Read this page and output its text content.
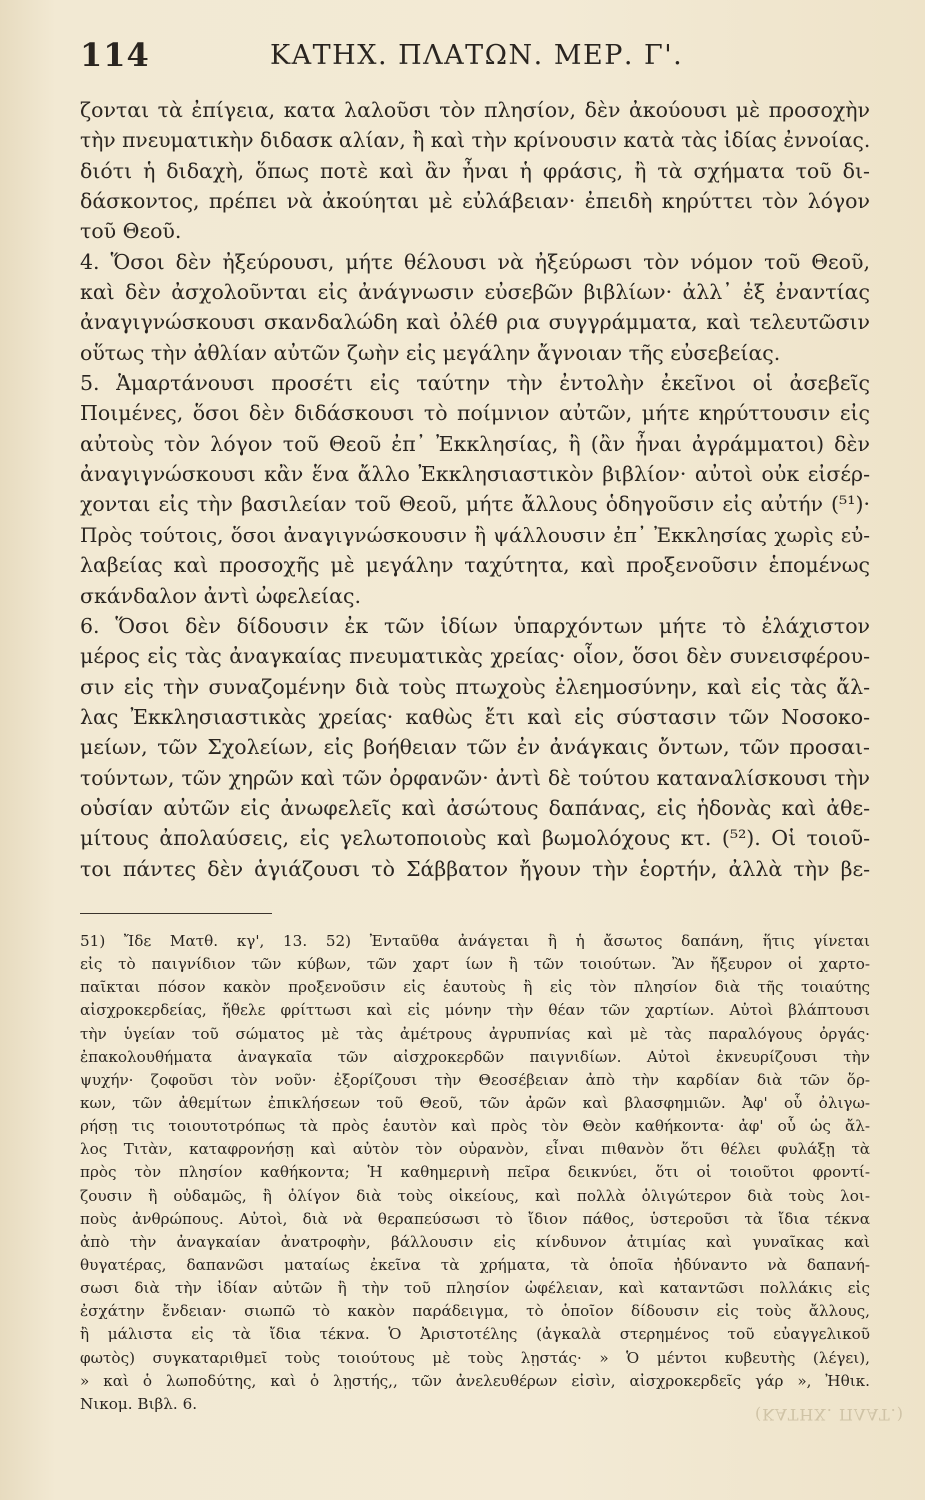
114	ΚΑΤΗΧ. ΠΛΑΤΩΝ. ΜΕΡ. Γ'.
ζονται τὰ ἐπίγεια, κατα λαλοῦσι τὸν πλησίον, δὲν ἀκούουσι μὲ προσοχὴν
τὴν πνευματικὴν διδασκ αλίαν, ἢ καὶ τὴν κρίνουσιν κατὰ τὰς ἰδίας ἐννοίας.
διότι ἡ διδαχὴ, ὅπως ποτὲ καὶ ἂν ἦναι ἡ φράσις, ἢ τὰ σχήματα τοῦ δι-
δάσκοντος, πρέπει νὰ ἀκούηται μὲ εὐλάβειαν· ἐπειδὴ κηρύττει τὸν λόγον
τοῦ Θεοῦ.
4. Ὅσοι δὲν ἠξεύρουσι, μήτε θέλουσι νὰ ἠξεύρωσι τὸν νόμον τοῦ Θεοῦ,
καὶ δὲν ἀσχολοῦνται εἰς ἀνάγνωσιν εὐσεβῶν βιβλίων· ἀλλ᾽ ἐξ ἐναντίας
ἀναγιγνώσκουσι σκανδαλώδη καὶ ὀλέθ ρια συγγράμματα, καὶ τελευτῶσιν
οὕτως τὴν ἀθλίαν αὐτῶν ζωὴν εἰς μεγάλην ἄγνοιαν τῆς εὐσεβείας.
5. Ἁμαρτάνουσι προσέτι εἰς ταύτην τὴν ἐντολὴν ἐκεῖνοι οἱ ἀσεβεῖς
Ποιμένες, ὅσοι δὲν διδάσκουσι τὸ ποίμνιον αὐτῶν, μήτε κηρύττουσιν εἰς
αὐτοὺς τὸν λόγον τοῦ Θεοῦ ἐπ᾽ Ἐκκλησίας, ἢ (ἂν ἦναι ἀγράμματοι) δὲν
ἀναγιγνώσκουσι κἂν ἕνα ἄλλο Ἐκκλησιαστικὸν βιβλίον· αὐτοὶ οὐκ εἰσέρ-
χονται εἰς τὴν βασιλείαν τοῦ Θεοῦ, μήτε ἄλλους ὁδηγοῦσιν εἰς αὐτήν (⁵¹)·
Πρὸς τούτοις, ὅσοι ἀναγιγνώσκουσιν ἢ ψάλλουσιν ἐπ᾽ Ἐκκλησίας χωρὶς εὐ-
λαβείας καὶ προσοχῆς μὲ μεγάλην ταχύτητα, καὶ προξενοῦσιν ἑπομένως
σκάνδαλον ἀντὶ ὠφελείας.
6. Ὅσοι δὲν δίδουσιν ἐκ τῶν ἰδίων ὑπαρχόντων μήτε τὸ ἐλάχιστον
μέρος εἰς τὰς ἀναγκαίας πνευματικὰς χρείας· οἷον, ὅσοι δὲν συνεισφέρου-
σιν εἰς τὴν συναζομένην διὰ τοὺς πτωχοὺς ἐλεημοσύνην, καὶ εἰς τὰς ἄλ-
λας Ἐκκλησιαστικὰς χρείας· καθὼς ἔτι καὶ εἰς σύστασιν τῶν Νοσοκο-
μείων, τῶν Σχολείων, εἰς βοήθειαν τῶν ἐν ἀνάγκαις ὄντων, τῶν προσαι-
τούντων, τῶν χηρῶν καὶ τῶν ὀρφανῶν· ἀντὶ δὲ τούτου καταναλίσκουσι τὴν
οὐσίαν αὐτῶν εἰς ἀνωφελεῖς καὶ ἀσώτους δαπάνας, εἰς ἡδονὰς καὶ ἀθε-
μίτους ἀπολαύσεις, εἰς γελωτοποιοὺς καὶ βωμολόχους κτ. (⁵²). Οἱ τοιοῦ-
τοι πάντες δὲν ἁγιάζουσι τὸ Σάββατον ἤγουν τὴν ἑορτήν, ἀλλὰ τὴν βε-
51) Ἴδε Ματθ. κγ', 13. 52) Ἐνταῦθα ἀνάγεται ἢ ἡ ἄσωτος δαπάνη, ἥτις γίνεται
εἰς τὸ παιγνίδιον τῶν κύβων, τῶν χαρτ ίων ἢ τῶν τοιούτων. Ἂν ἤξευρον οἱ χαρτο-
παῖκται πόσον κακὸν προξενοῦσιν εἰς ἑαυτοὺς ἢ εἰς τὸν πλησίον διὰ τῆς τοιαύτης
αἰσχροκερδείας, ἤθελε φρίττωσι καὶ εἰς μόνην τὴν θέαν τῶν χαρτίων. Αὐτοὶ βλάπτουσι
τὴν ὑγείαν τοῦ σώματος μὲ τὰς ἀμέτρους ἀγρυπνίας καὶ μὲ τὰς παραλόγους ὀργάς·
ἐπακολουθήματα ἀναγκαῖα τῶν αἰσχροκερδῶν παιγνιδίων. Αὐτοὶ ἐκνευρίζουσι τὴν
ψυχήν· ζοφοῦσι τὸν νοῦν· ἐξορίζουσι τὴν Θεοσέβειαν ἀπὸ τὴν καρδίαν διὰ τῶν ὅρ-
κων, τῶν ἀθεμίτων ἐπικλήσεων τοῦ Θεοῦ, τῶν ἀρῶν καὶ βλασφημιῶν. Ἀφ' οὗ ὀλιγω-
ρήσῃ τις τοιουτοτρόπως τὰ πρὸς ἑαυτὸν καὶ πρὸς τὸν Θεὸν καθήκοντα· ἀφ' οὗ ὡς ἄλ-
λος Τιτὰν, καταφρονήσῃ καὶ αὐτὸν τὸν οὐρανὸν, εἶναι πιθανὸν ὅτι θέλει φυλάξῃ τὰ
πρὸς τὸν πλησίον καθήκοντα; Ἡ καθημερινὴ πεῖρα δεικνύει, ὅτι οἱ τοιοῦτοι φροντί-
ζουσιν ἢ οὐδαμῶς, ἢ ὀλίγον διὰ τοὺς οἰκείους, καὶ πολλὰ ὀλιγώτερον διὰ τοὺς λοι-
ποὺς ἀνθρώπους. Αὐτοὶ, διὰ νὰ θεραπεύσωσι τὸ ἴδιον πάθος, ὑστεροῦσι τὰ ἴδια τέκνα
ἀπὸ τὴν ἀναγκαίαν ἀνατροφὴν, βάλλουσιν εἰς κίνδυνον ἀτιμίας καὶ γυναῖκας καὶ
θυγατέρας, δαπανῶσι ματαίως ἐκεῖνα τὰ χρήματα, τὰ ὁποῖα ἠδύναντο νὰ δαπανή-
σωσι διὰ τὴν ἰδίαν αὐτῶν ἢ τὴν τοῦ πλησίον ὠφέλειαν, καὶ καταντῶσι πολλάκις εἰς
ἐσχάτην ἔνδειαν· σιωπῶ τὸ κακὸν παράδειγμα, τὸ ὁποῖον δίδουσιν εἰς τοὺς ἄλλους,
ἢ μάλιστα εἰς τὰ ἴδια τέκνα. Ὁ Ἀριστοτέλης (ἀγκαλὰ στερημένος τοῦ εὐαγγελικοῦ
φωτὸς) συγκαταριθμεῖ τοὺς τοιούτους μὲ τοὺς λῃστάς· » Ὁ μέντοι κυβευτὴς (λέγει),
» καὶ ὁ λωποδύτης, καὶ ὁ λῃστής,, τῶν ἀνελευθέρων εἰσὶν, αἰσχροκερδεῖς γάρ », Ἠθικ.
Νικομ. Βιβλ. 6.
(ΚΑΤΗΧ. ΠΛΑΤ.)
